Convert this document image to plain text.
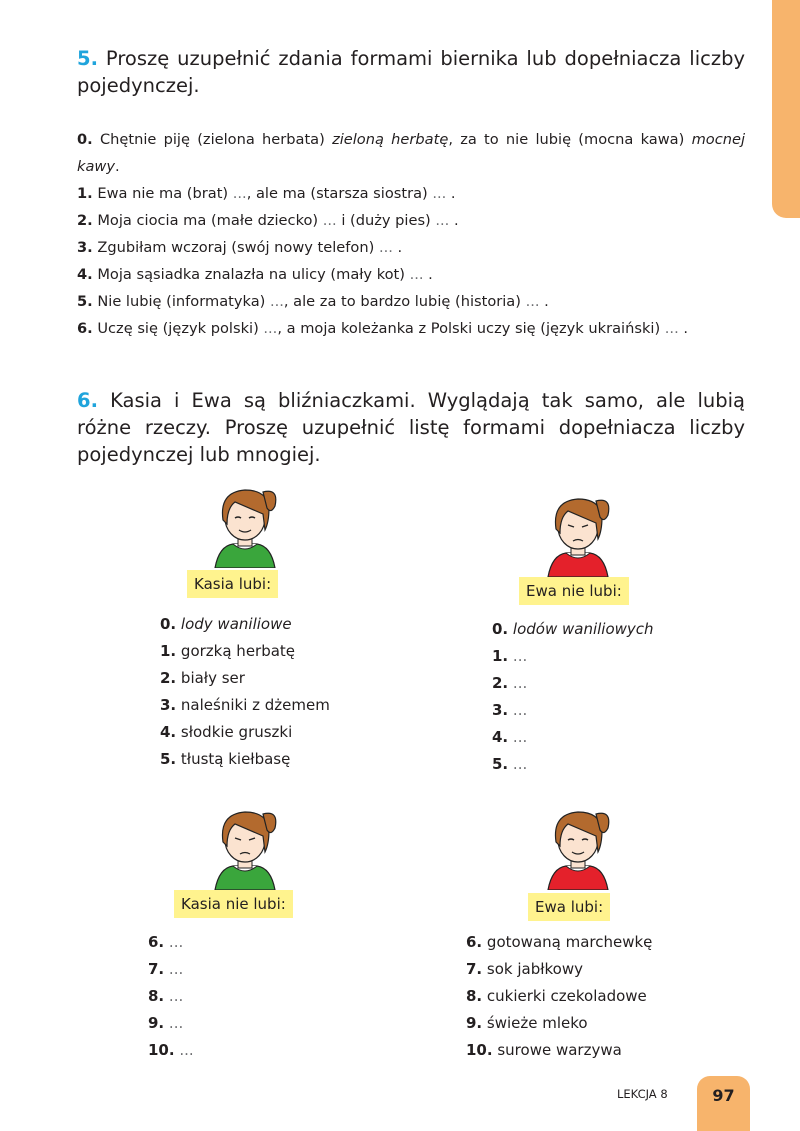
5. Proszę uzupełnić zdania formami biernika lub dopełniacza liczby pojedynczej.
0. Chętnie piję (zielona herbata) zieloną herbatę, za to nie lubię (mocna kawa) mocnej kawy.
1. Ewa nie ma (brat) ..., ale ma (starsza siostra) ... .
2. Moja ciocia ma (małe dziecko) ... i (duży pies) ... .
3. Zgubiłam wczoraj (swój nowy telefon) ... .
4. Moja sąsiadka znalazła na ulicy (mały kot) ... .
5. Nie lubię (informatyka) ..., ale za to bardzo lubię (historia) ... .
6. Uczę się (język polski) ..., a moja koleżanka z Polski uczy się (język ukraiński) ... .
6. Kasia i Ewa są bliźniaczkami. Wyglądają tak samo, ale lubią różne rzeczy. Proszę uzupełnić listę formami dopełniacza liczby pojedynczej lub mnogiej.
Kasia lubi:	Ewa nie lubi:
Kasia nie lubi:	Ewa lubi:
0. lody waniliowe
1. gorzką herbatę
2. biały ser
3. naleśniki z dżemem
4. słodkie gruszki
5. tłustą kiełbasę
0. lodów waniliowych
1. ...
2. ...
3. ...
4. ...
5. ...
6. ...
7. ...
8. ...
9. ...
10. ...
6. gotowaną marchewkę
7. sok jabłkowy
8. cukierki czekoladowe
9. świeże mleko
10. surowe warzywa
LEKCJA 8	97
